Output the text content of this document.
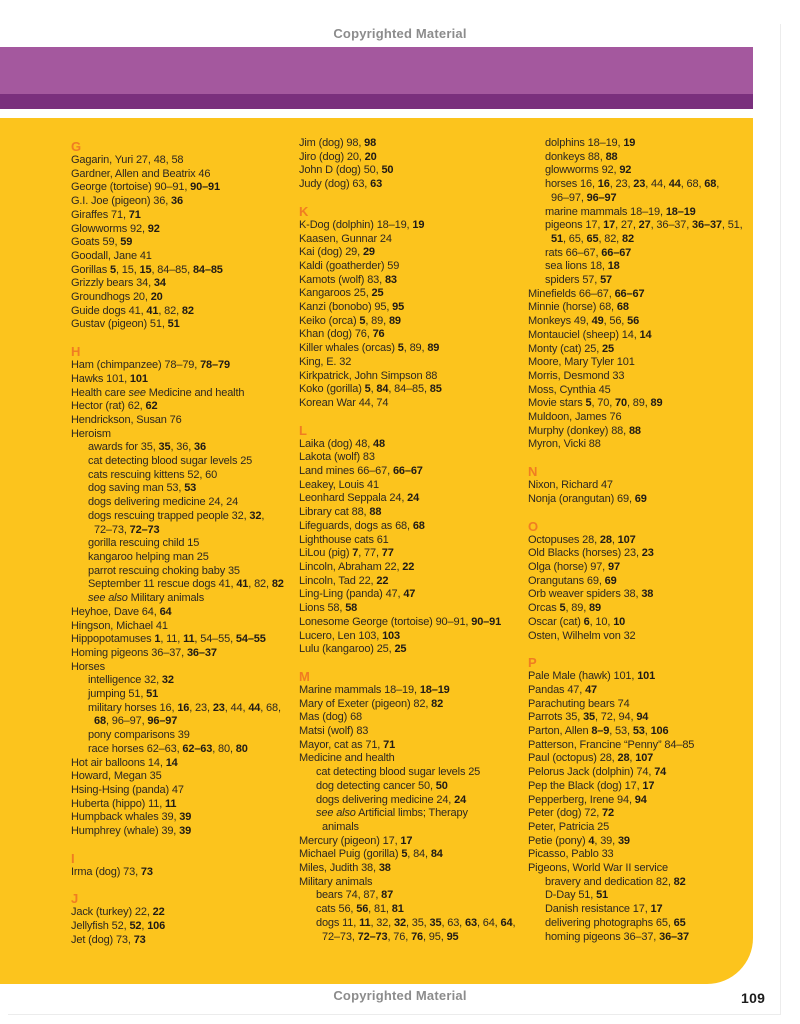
Copyrighted Material
G
Gagarin, Yuri 27, 48, 58
Gardner, Allen and Beatrix 46
George (tortoise) 90–91, 90–91
G.I. Joe (pigeon) 36, 36
Giraffes 71, 71
Glowworms 92, 92
Goats 59, 59
Goodall, Jane 41
Gorillas 5, 15, 15, 84–85, 84–85
Grizzly bears 34, 34
Groundhogs 20, 20
Guide dogs 41, 41, 82, 82
Gustav (pigeon) 51, 51
H
Ham (chimpanzee) 78–79, 78–79
Hawks 101, 101
Health care see Medicine and health
Hector (rat) 62, 62
Hendrickson, Susan 76
Heroism
awards for 35, 35, 36, 36
cat detecting blood sugar levels 25
cats rescuing kittens 52, 60
dog saving man 53, 53
dogs delivering medicine 24, 24
dogs rescuing trapped people 32, 32,
72–73, 72–73
gorilla rescuing child 15
kangaroo helping man 25
parrot rescuing choking baby 35
September 11 rescue dogs 41, 41, 82, 82
see also Military animals
Heyhoe, Dave 64, 64
Hingson, Michael 41
Hippopotamuses 1, 11, 11, 54–55, 54–55
Homing pigeons 36–37, 36–37
Horses
intelligence 32, 32
jumping 51, 51
military horses 16, 16, 23, 23, 44, 44, 68,
68, 96–97, 96–97
pony comparisons 39
race horses 62–63, 62–63, 80, 80
Hot air balloons 14, 14
Howard, Megan 35
Hsing-Hsing (panda) 47
Huberta (hippo) 11, 11
Humpback whales 39, 39
Humphrey (whale) 39, 39
I
Irma (dog) 73, 73
J
Jack (turkey) 22, 22
Jellyfish 52, 52, 106
Jet (dog) 73, 73
Jim (dog) 98, 98
Jiro (dog) 20, 20
John D (dog) 50, 50
Judy (dog) 63, 63
K
K-Dog (dolphin) 18–19, 19
Kaasen, Gunnar 24
Kai (dog) 29, 29
Kaldi (goatherder) 59
Kamots (wolf) 83, 83
Kangaroos 25, 25
Kanzi (bonobo) 95, 95
Keiko (orca) 5, 89, 89
Khan (dog) 76, 76
Killer whales (orcas) 5, 89, 89
King, E. 32
Kirkpatrick, John Simpson 88
Koko (gorilla) 5, 84, 84–85, 85
Korean War 44, 74
L
Laika (dog) 48, 48
Lakota (wolf) 83
Land mines 66–67, 66–67
Leakey, Louis 41
Leonhard Seppala 24, 24
Library cat 88, 88
Lifeguards, dogs as 68, 68
Lighthouse cats 61
LiLou (pig) 7, 77, 77
Lincoln, Abraham 22, 22
Lincoln, Tad 22, 22
Ling-Ling (panda) 47, 47
Lions 58, 58
Lonesome George (tortoise) 90–91, 90–91
Lucero, Len 103, 103
Lulu (kangaroo) 25, 25
M
Marine mammals 18–19, 18–19
Mary of Exeter (pigeon) 82, 82
Mas (dog) 68
Matsi (wolf) 83
Mayor, cat as 71, 71
Medicine and health
cat detecting blood sugar levels 25
dog detecting cancer 50, 50
dogs delivering medicine 24, 24
see also Artificial limbs; Therapy
animals
Mercury (pigeon) 17, 17
Michael Puig (gorilla) 5, 84, 84
Miles, Judith 38, 38
Military animals
bears 74, 87, 87
cats 56, 56, 81, 81
dogs 11, 11, 32, 32, 35, 35, 63, 63, 64, 64,
72–73, 72–73, 76, 76, 95, 95
dolphins 18–19, 19
donkeys 88, 88
glowworms 92, 92
horses 16, 16, 23, 23, 44, 44, 68, 68,
96–97, 96–97
marine mammals 18–19, 18–19
pigeons 17, 17, 27, 27, 36–37, 36–37, 51,
51, 65, 65, 82, 82
rats 66–67, 66–67
sea lions 18, 18
spiders 57, 57
Minefields 66–67, 66–67
Minnie (horse) 68, 68
Monkeys 49, 49, 56, 56
Montauciel (sheep) 14, 14
Monty (cat) 25, 25
Moore, Mary Tyler 101
Morris, Desmond 33
Moss, Cynthia 45
Movie stars 5, 70, 70, 89, 89
Muldoon, James 76
Murphy (donkey) 88, 88
Myron, Vicki 88
N
Nixon, Richard 47
Nonja (orangutan) 69, 69
O
Octopuses 28, 28, 107
Old Blacks (horses) 23, 23
Olga (horse) 97, 97
Orangutans 69, 69
Orb weaver spiders 38, 38
Orcas 5, 89, 89
Oscar (cat) 6, 10, 10
Osten, Wilhelm von 32
P
Pale Male (hawk) 101, 101
Pandas 47, 47
Parachuting bears 74
Parrots 35, 35, 72, 94, 94
Parton, Allen 8–9, 53, 53, 106
Patterson, Francine “Penny” 84–85
Paul (octopus) 28, 28, 107
Pelorus Jack (dolphin) 74, 74
Pep the Black (dog) 17, 17
Pepperberg, Irene 94, 94
Peter (dog) 72, 72
Peter, Patricia 25
Petie (pony) 4, 39, 39
Picasso, Pablo 33
Pigeons, World War II service
bravery and dedication 82, 82
D-Day 51, 51
Danish resistance 17, 17
delivering photographs 65, 65
homing pigeons 36–37, 36–37
109
Copyrighted Material
